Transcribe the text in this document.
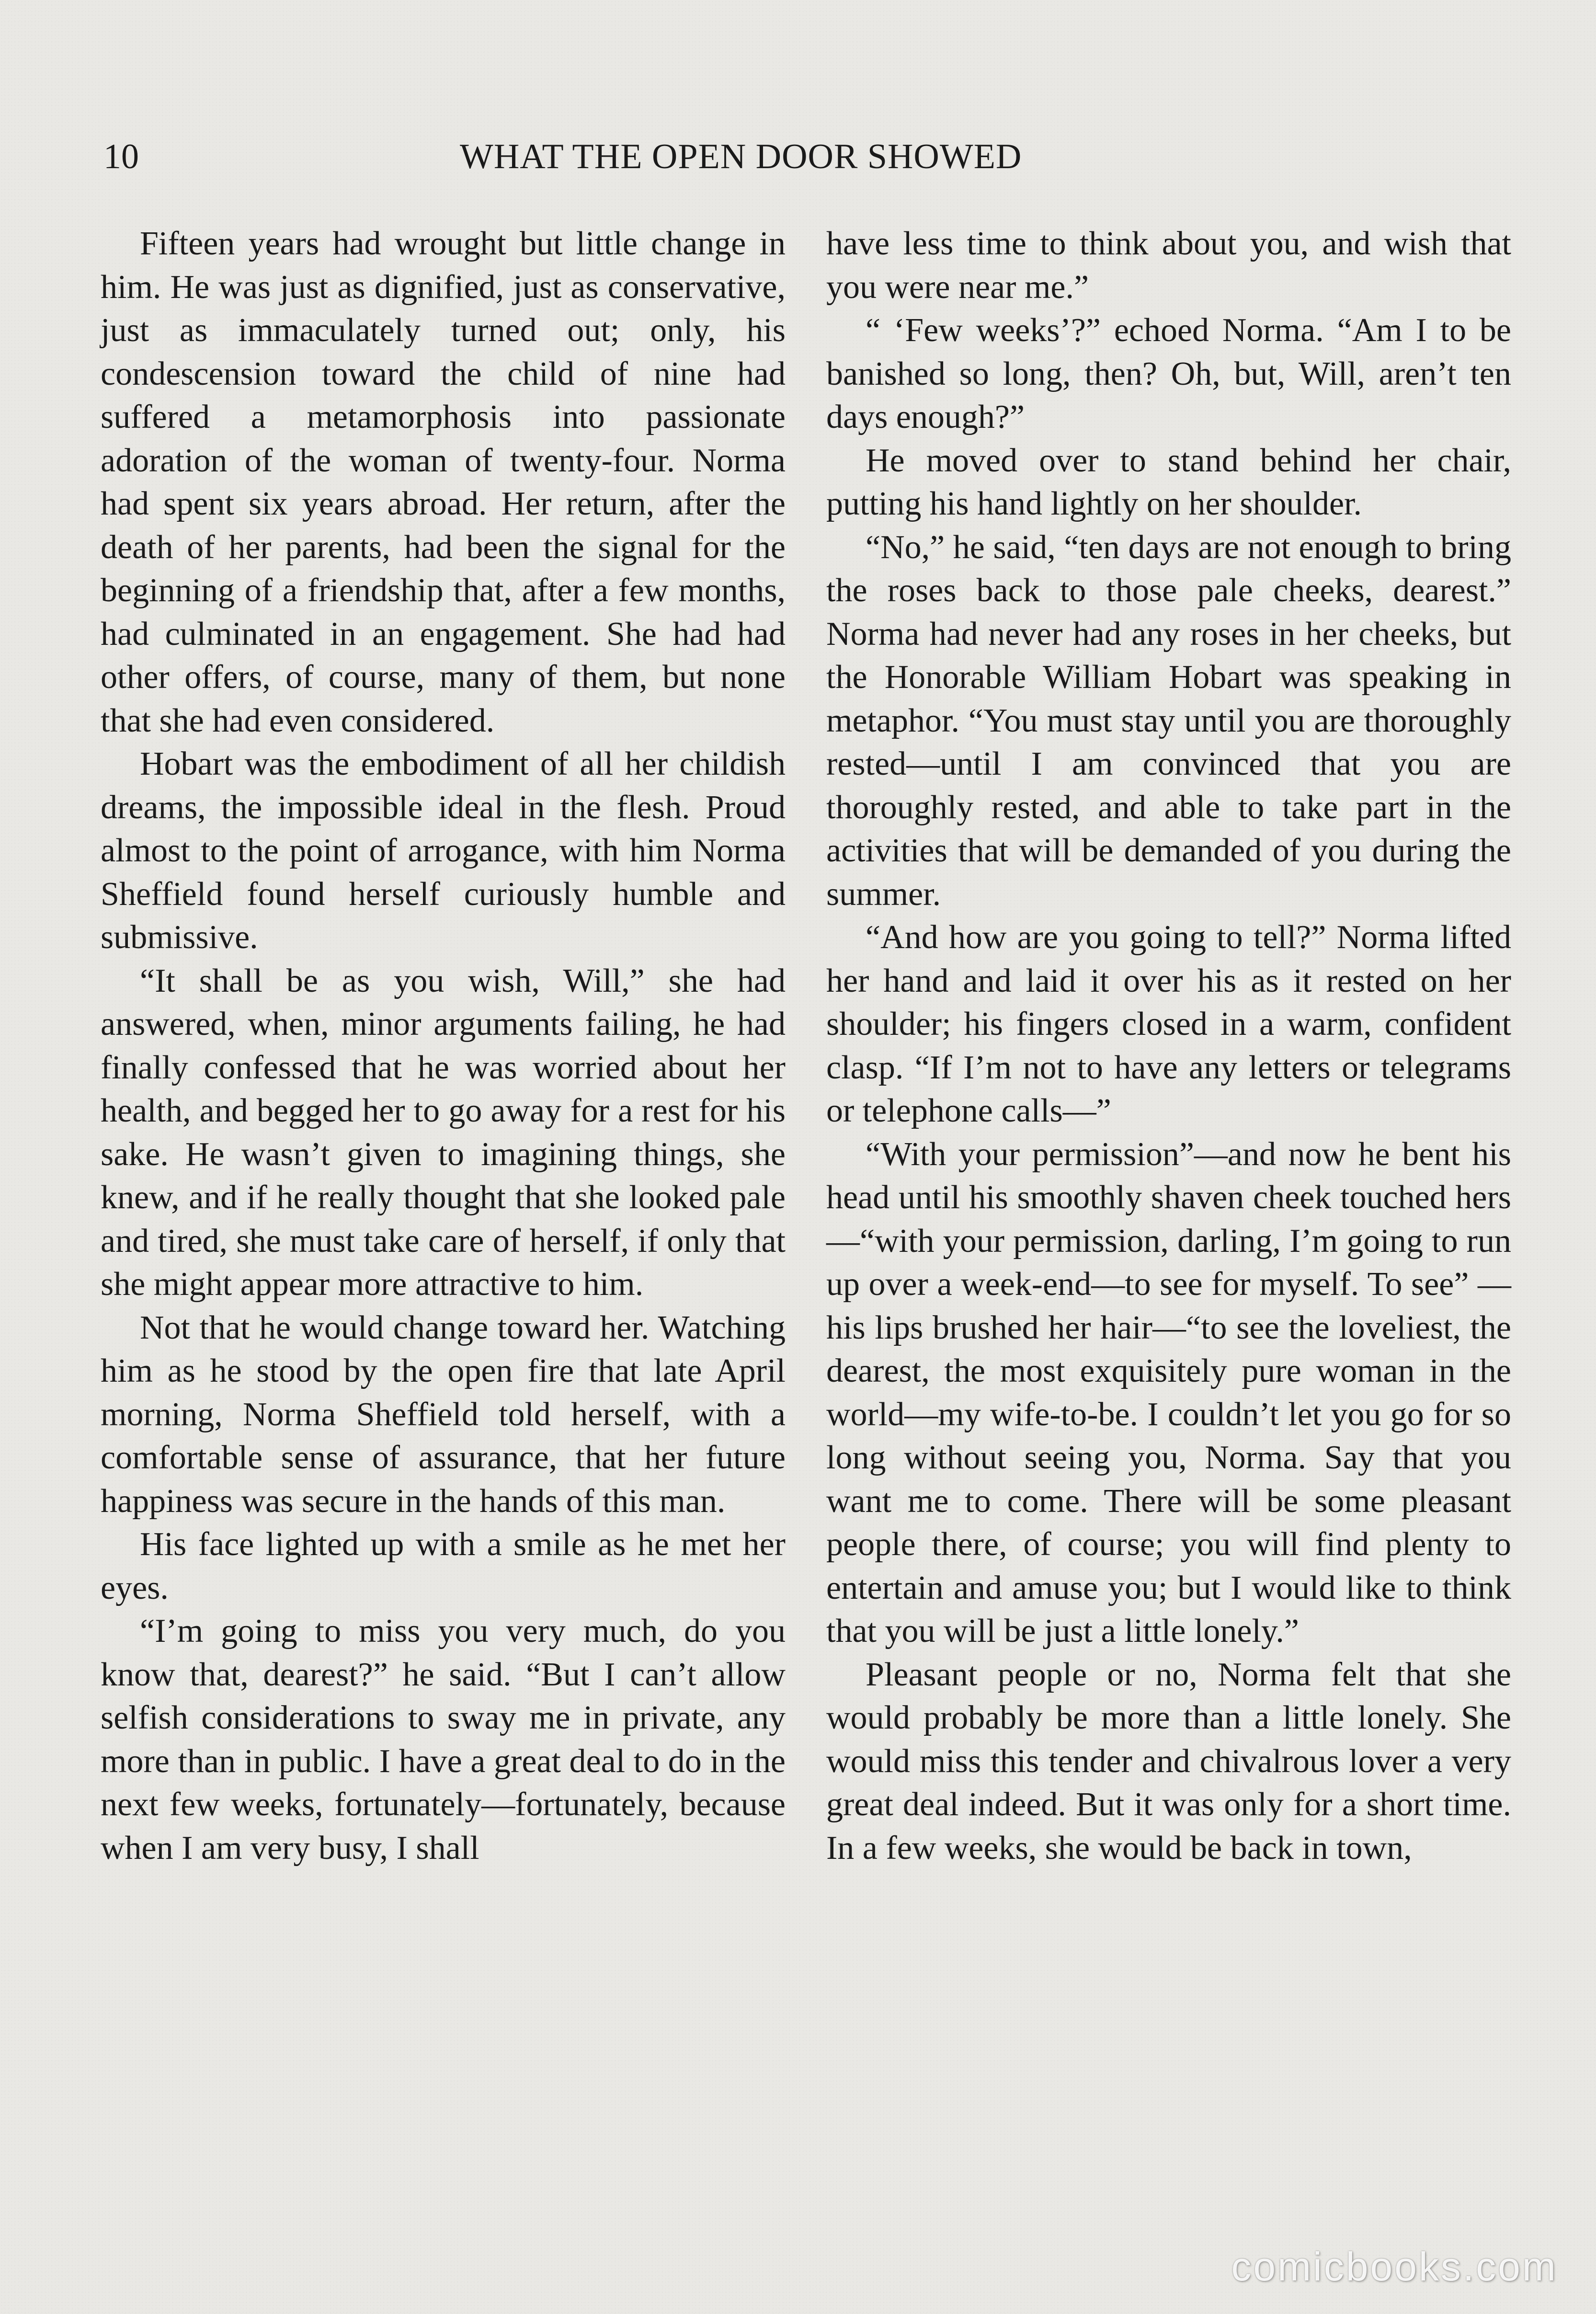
10	WHAT THE OPEN DOOR SHOWED

Fifteen years had wrought but little change in him. He was just as dignified, just as conservative, just as immaculately turned out; only, his condescension toward the child of nine had suffered a metamorphosis into passionate adoration of the woman of twenty-four. Norma had spent six years abroad. Her return, after the death of her parents, had been the signal for the beginning of a friendship that, after a few months, had culminated in an engagement. She had had other offers, of course, many of them, but none that she had even considered.

Hobart was the embodiment of all her childish dreams, the impossible ideal in the flesh. Proud almost to the point of arrogance, with him Norma Sheffield found herself curiously humble and submissive.

“It shall be as you wish, Will,” she had answered, when, minor arguments failing, he had finally confessed that he was worried about her health, and begged her to go away for a rest for his sake. He wasn’t given to imagining things, she knew, and if he really thought that she looked pale and tired, she must take care of herself, if only that she might appear more attractive to him.

Not that he would change toward her. Watching him as he stood by the open fire that late April morning, Norma Sheffield told herself, with a comfortable sense of assurance, that her future happiness was secure in the hands of this man.

His face lighted up with a smile as he met her eyes.

“I’m going to miss you very much, do you know that, dearest?” he said. “But I can’t allow selfish considerations to sway me in private, any more than in public. I have a great deal to do in the next few weeks, fortunately—fortunately, because when I am very busy, I shall

have less time to think about you, and wish that you were near me.”

“ ‘Few weeks’?” echoed Norma. “Am I to be banished so long, then? Oh, but, Will, aren’t ten days enough?”

He moved over to stand behind her chair, putting his hand lightly on her shoulder.

“No,” he said, “ten days are not enough to bring the roses back to those pale cheeks, dearest.” Norma had never had any roses in her cheeks, but the Honorable William Hobart was speaking in metaphor. “You must stay until you are thoroughly rested—until I am convinced that you are thoroughly rested, and able to take part in the activities that will be demanded of you during the summer.

“And how are you going to tell?” Norma lifted her hand and laid it over his as it rested on her shoulder; his fingers closed in a warm, confident clasp. “If I’m not to have any letters or telegrams or telephone calls—”

“With your permission”—and now he bent his head until his smoothly shaven cheek touched hers—“with your permission, darling, I’m going to run up over a week-end—to see for myself. To see” —his lips brushed her hair—“to see the loveliest, the dearest, the most exquisitely pure woman in the world—my wife-to-be. I couldn’t let you go for so long without seeing you, Norma. Say that you want me to come. There will be some pleasant people there, of course; you will find plenty to entertain and amuse you; but I would like to think that you will be just a little lonely.”

Pleasant people or no, Norma felt that she would probably be more than a little lonely. She would miss this tender and chivalrous lover a very great deal indeed. But it was only for a short time. In a few weeks, she would be back in town,

comicbooks.com
